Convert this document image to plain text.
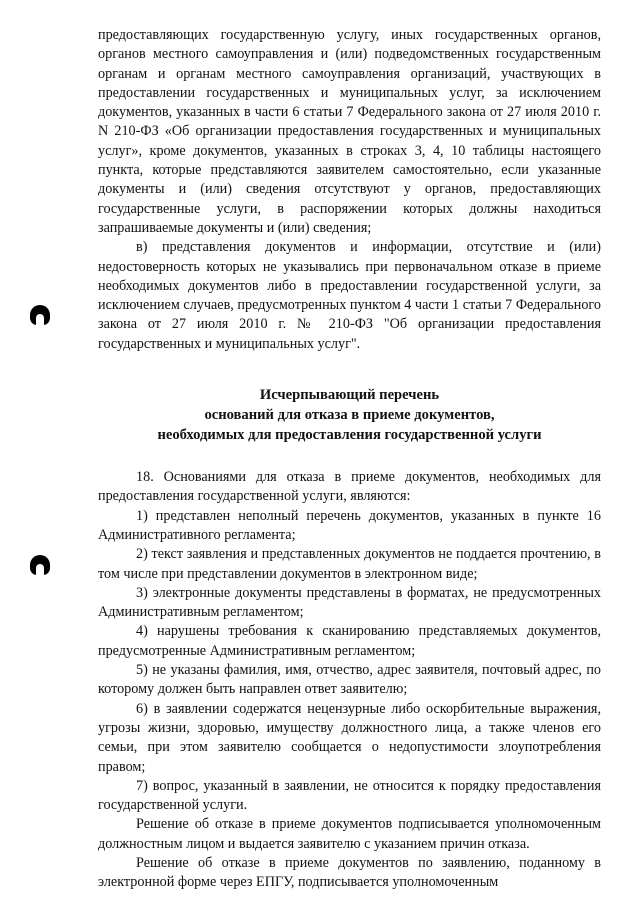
предоставляющих государственную услугу, иных государственных органов, органов местного самоуправления и (или) подведомственных государственным органам и органам местного самоуправления организаций, участвующих в предоставлении государственных и муниципальных услуг, за исключением документов, указанных в части 6 статьи 7 Федерального закона от 27 июля 2010 г. N 210-ФЗ «Об организации предоставления государственных и муниципальных услуг», кроме документов, указанных в строках 3, 4, 10 таблицы настоящего пункта, которые представляются заявителем самостоятельно, если указанные документы и (или) сведения отсутствуют у органов, предоставляющих государственные услуги, в распоряжении которых должны находиться запрашиваемые документы и (или) сведения;

в) представления документов и информации, отсутствие и (или) недостоверность которых не указывались при первоначальном отказе в приеме необходимых документов либо в предоставлении государственной услуги, за исключением случаев, предусмотренных пунктом 4 части 1 статьи 7 Федерального закона от 27 июля 2010 г. № 210-ФЗ "Об организации предоставления государственных и муниципальных услуг".

Исчерпывающий перечень
оснований для отказа в приеме документов,
необходимых для предоставления государственной услуги

18. Основаниями для отказа в приеме документов, необходимых для предоставления государственной услуги, являются:

1) представлен неполный перечень документов, указанных в пункте 16 Административного регламента;

2) текст заявления и представленных документов не поддается прочтению, в том числе при представлении документов в электронном виде;

3) электронные документы представлены в форматах, не предусмотренных Административным регламентом;

4) нарушены требования к сканированию представляемых документов, предусмотренные Административным регламентом;

5) не указаны фамилия, имя, отчество, адрес заявителя, почтовый адрес, по которому должен быть направлен ответ заявителю;

6) в заявлении содержатся нецензурные либо оскорбительные выражения, угрозы жизни, здоровью, имуществу должностного лица, а также членов его семьи, при этом заявителю сообщается о недопустимости злоупотребления правом;

7) вопрос, указанный в заявлении, не относится к порядку предоставления государственной услуги.

Решение об отказе в приеме документов подписывается уполномоченным должностным лицом и выдается заявителю с указанием причин отказа.

Решение об отказе в приеме документов по заявлению, поданному в электронной форме через ЕПГУ, подписывается уполномоченным
